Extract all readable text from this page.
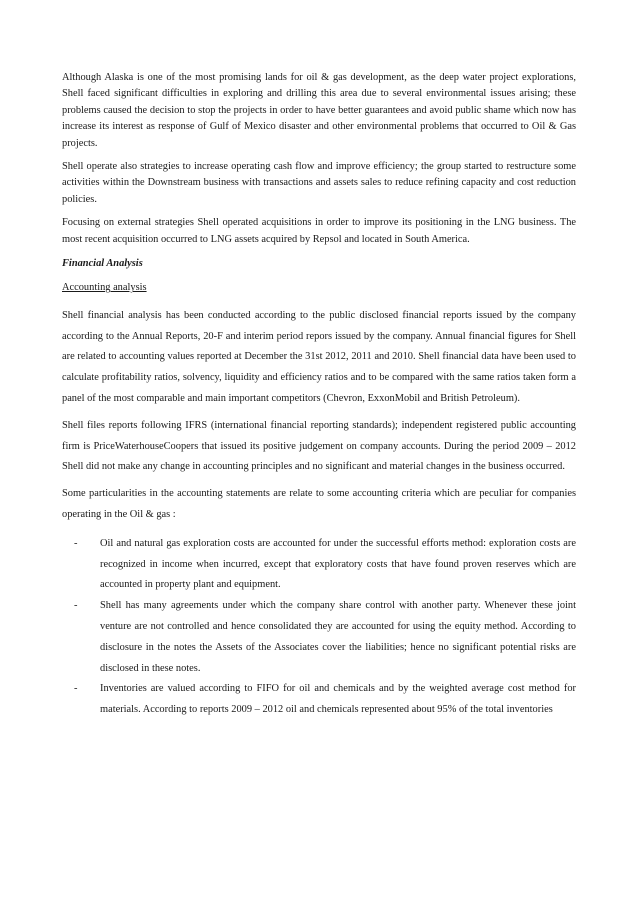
Although Alaska is one of the most promising lands for oil & gas development, as the deep water project explorations, Shell faced significant difficulties in exploring and drilling this area due to several environmental issues arising; these problems caused the decision to stop the projects in order to have better guarantees and avoid public shame which now has increase its interest as response of Gulf of Mexico disaster and other environmental problems that occurred to Oil & Gas projects.

Shell operate also strategies to increase operating cash flow and improve efficiency; the group started to restructure some activities within the Downstream business with transactions and assets sales to reduce refining capacity and cost reduction policies.

Focusing on external strategies Shell operated acquisitions in order to improve its positioning in the LNG business. The most recent acquisition occurred to LNG assets acquired by Repsol and located in South America.

Financial Analysis

Accounting analysis

Shell financial analysis has been conducted according to the public disclosed financial reports issued by the company according to the Annual Reports, 20-F and interim period repors issued by the company. Annual financial figures for Shell are related to accounting values reported at December the 31st 2012, 2011 and 2010. Shell financial data have been used to calculate profitability ratios, solvency, liquidity and efficiency ratios and to be compared with the same ratios taken form a panel of the most comparable and main important competitors (Chevron, ExxonMobil and British Petroleum).

Shell files reports following IFRS (international financial reporting standards); independent registered public accounting firm is PriceWaterhouseCoopers that issued its positive judgement on company accounts. During the period 2009 – 2012 Shell did not make any change in accounting principles and no significant and material changes in the business occurred.

Some particularities in the accounting statements are relate to some accounting criteria which are peculiar for companies operating in the Oil & gas :

- Oil and natural gas exploration costs are accounted for under the successful efforts method: exploration costs are recognized in income when incurred, except that exploratory costs that have found proven reserves which are accounted in property plant and equipment.

- Shell has many agreements under which the company share control with another party. Whenever these joint venture are not controlled and hence consolidated they are accounted for using the equity method. According to disclosure in the notes the Assets of the Associates cover the liabilities; hence no significant potential risks are disclosed in these notes.

- Inventories are valued according to FIFO for oil and chemicals and by the weighted average cost method for materials. According to reports 2009 – 2012 oil and chemicals represented about 95% of the total inventories
